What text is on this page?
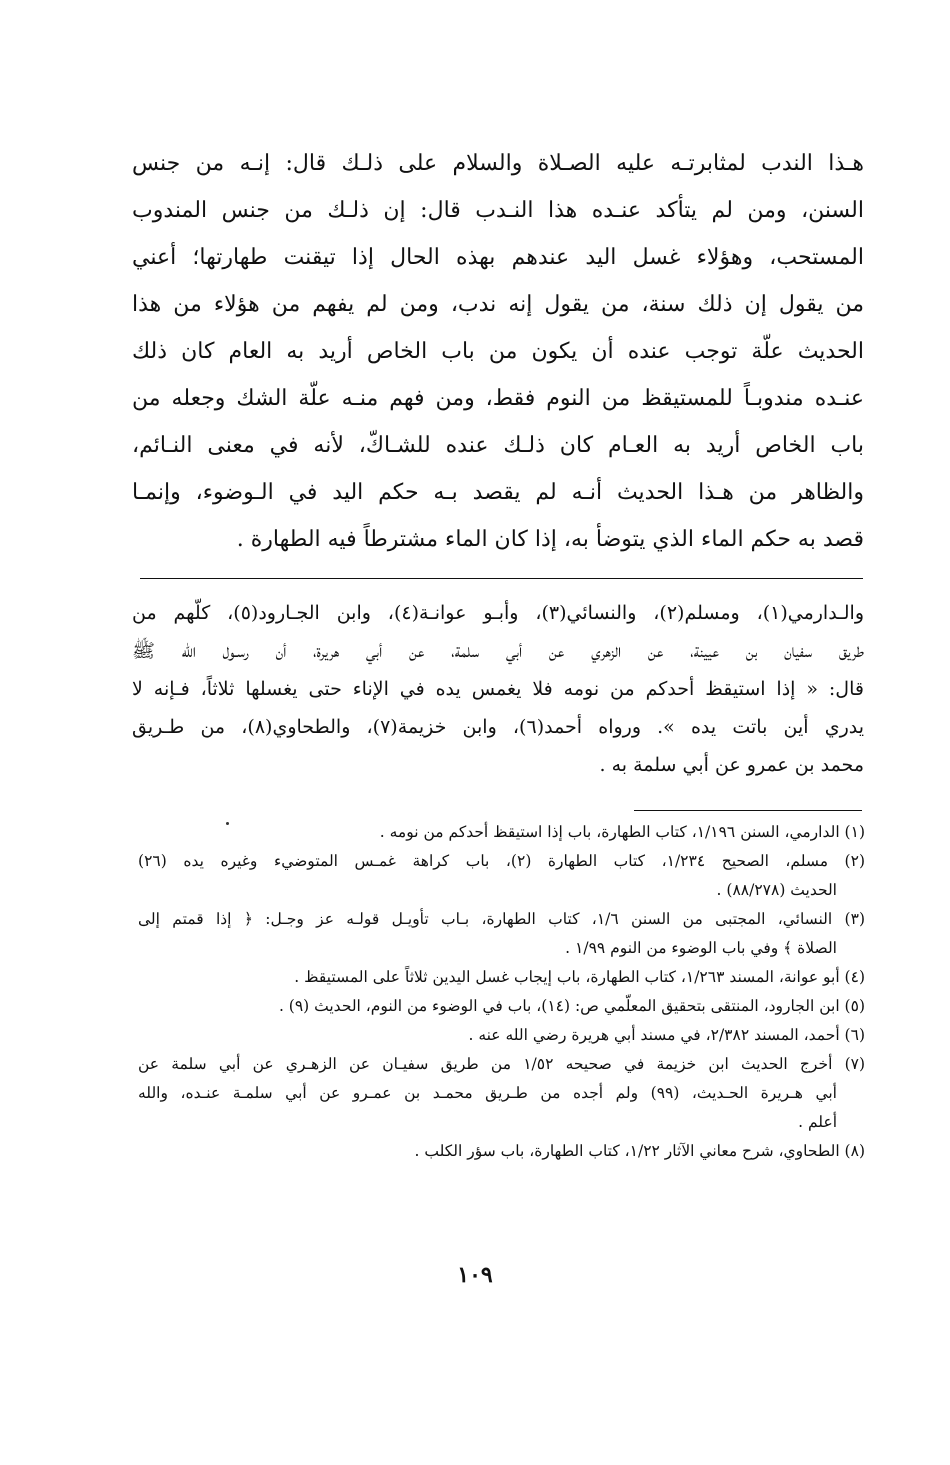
هـذا الندب لمثابرتـه عليه الصـلاة والسلام على ذلـك قال: إنـه من جنس
السنن، ومن لم يتأكد عنـده هذا النـدب قال: إن ذلـك من جنس المندوب
المستحب، وهؤلاء غسل اليد عندهم بهذه الحال إذا تيقنت طهارتها؛ أعني
من يقول إن ذلك سنة، من يقول إنه ندب، ومن لم يفهم من هؤلاء من هذا
الحديث علّة توجب عنده أن يكون من باب الخاص أريد به العام كان ذلك
عنـده مندوبـاً للمستيقظ من النوم فقط، ومن فهم منـه علّة الشك وجعله من
باب الخاص أريد به العـام كان ذلـك عنده للشـاكّ، لأنه في معنى النـائم،
والظاهر من هـذا الحديث أنـه لم يقصد بـه حكم اليد في الـوضوء، وإنمـا
قصد به حكم الماء الذي يتوضأ به، إذا كان الماء مشترطاً فيه الطهارة .
والـدارمي(١)، ومسلم(٢)، والنسائي(٣)، وأبـو عوانـة(٤)، وابن الجـارود(٥)، كلّهم من
طريق سفيان بن عيينة، عن الزهري عن أبي سلمة، عن أبي هريرة، أن رسـول الله ﷺ
قال: « إذا استيقظ أحدكم من نومه فلا يغمس يده في الإناء حتى يغسلها ثلاثاً، فـإنه لا
يدري أين باتت يده ». ورواه أحمد(٦)، وابن خزيمة(٧)، والطحاوي(٨)، من طـريق
محمد بن عمرو عن أبي سلمة به .
(١) الدارمي، السنن ١/١٩٦، كتاب الطهارة، باب إذا استيقظ أحدكم من نومه .
(٢) مسلم، الصحيح ١/٢٣٤، كتاب الطهارة (٢)، باب كراهة غمـس المتوضيء وغيره يده (٢٦)
الحديث (٨٨/٢٧٨) .
(٣) النسائي، المجتبى من السنن ١/٦، كتاب الطهارة، بـاب تأويـل قولـه عز وجـل: ﴿ إذا قمتم إلى
الصلاة ﴾ وفي باب الوضوء من النوم ١/٩٩ .
(٤) أبو عوانة، المسند ١/٢٦٣، كتاب الطهارة، باب إيجاب غسل اليدين ثلاثاً على المستيقظ .
(٥) ابن الجارود، المنتقى بتحقيق المعلّمي ص: (١٤)، باب في الوضوء من النوم، الحديث (٩) .
(٦) أحمد، المسند ٢/٣٨٢، في مسند أبي هريرة رضي الله عنه .
(٧) أخرج الحديث ابن خزيمة في صحيحه ١/٥٢ من طريق سفيـان عن الزهـري عن أبي سلمة عن
أبي هـريرة الحـديث، (٩٩) ولم أجده من طـريق محمـد بن عمـرو عن أبي سلمـة عنـده، والله
أعلم .
(٨) الطحاوي، شرح معاني الآثار ١/٢٢، كتاب الطهارة، باب سؤر الكلب .
١٠٩
